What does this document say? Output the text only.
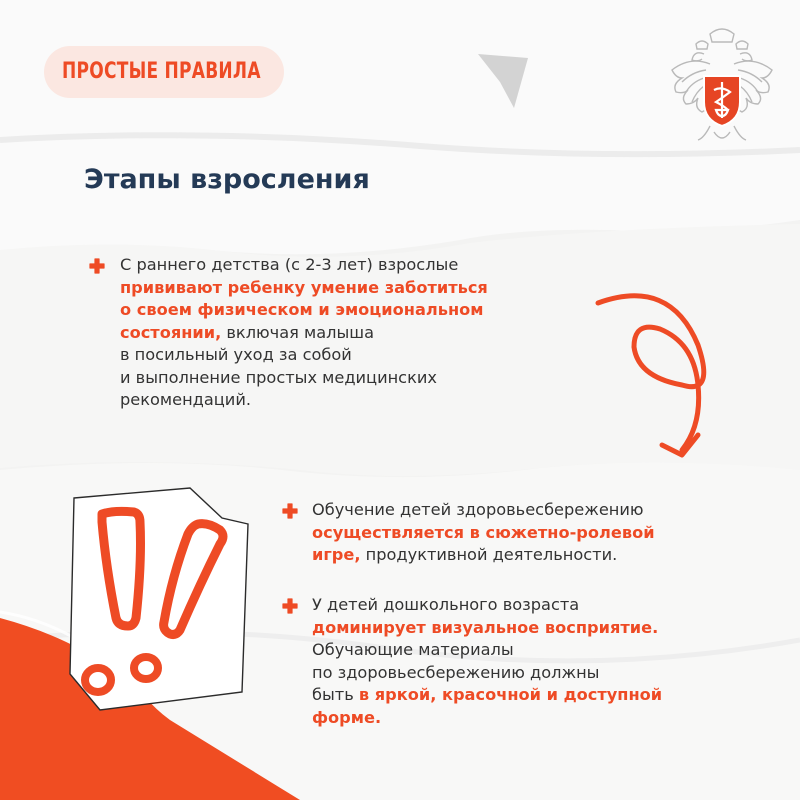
ПРОСТЫЕ ПРАВИЛА
Этапы взросления
С раннего детства (с 2-3 лет) взрослые
прививают ребенку умение заботиться
о своем физическом и эмоциональном
состоянии, включая малыша
в посильный уход за собой
и выполнение простых медицинских
рекомендаций.
Обучение детей здоровьесбережению
осуществляется в сюжетно-ролевой
игре, продуктивной деятельности.
У детей дошкольного возраста
доминирует визуальное восприятие.
Обучающие материалы
по здоровьесбережению должны
быть в яркой, красочной и доступной
форме.
